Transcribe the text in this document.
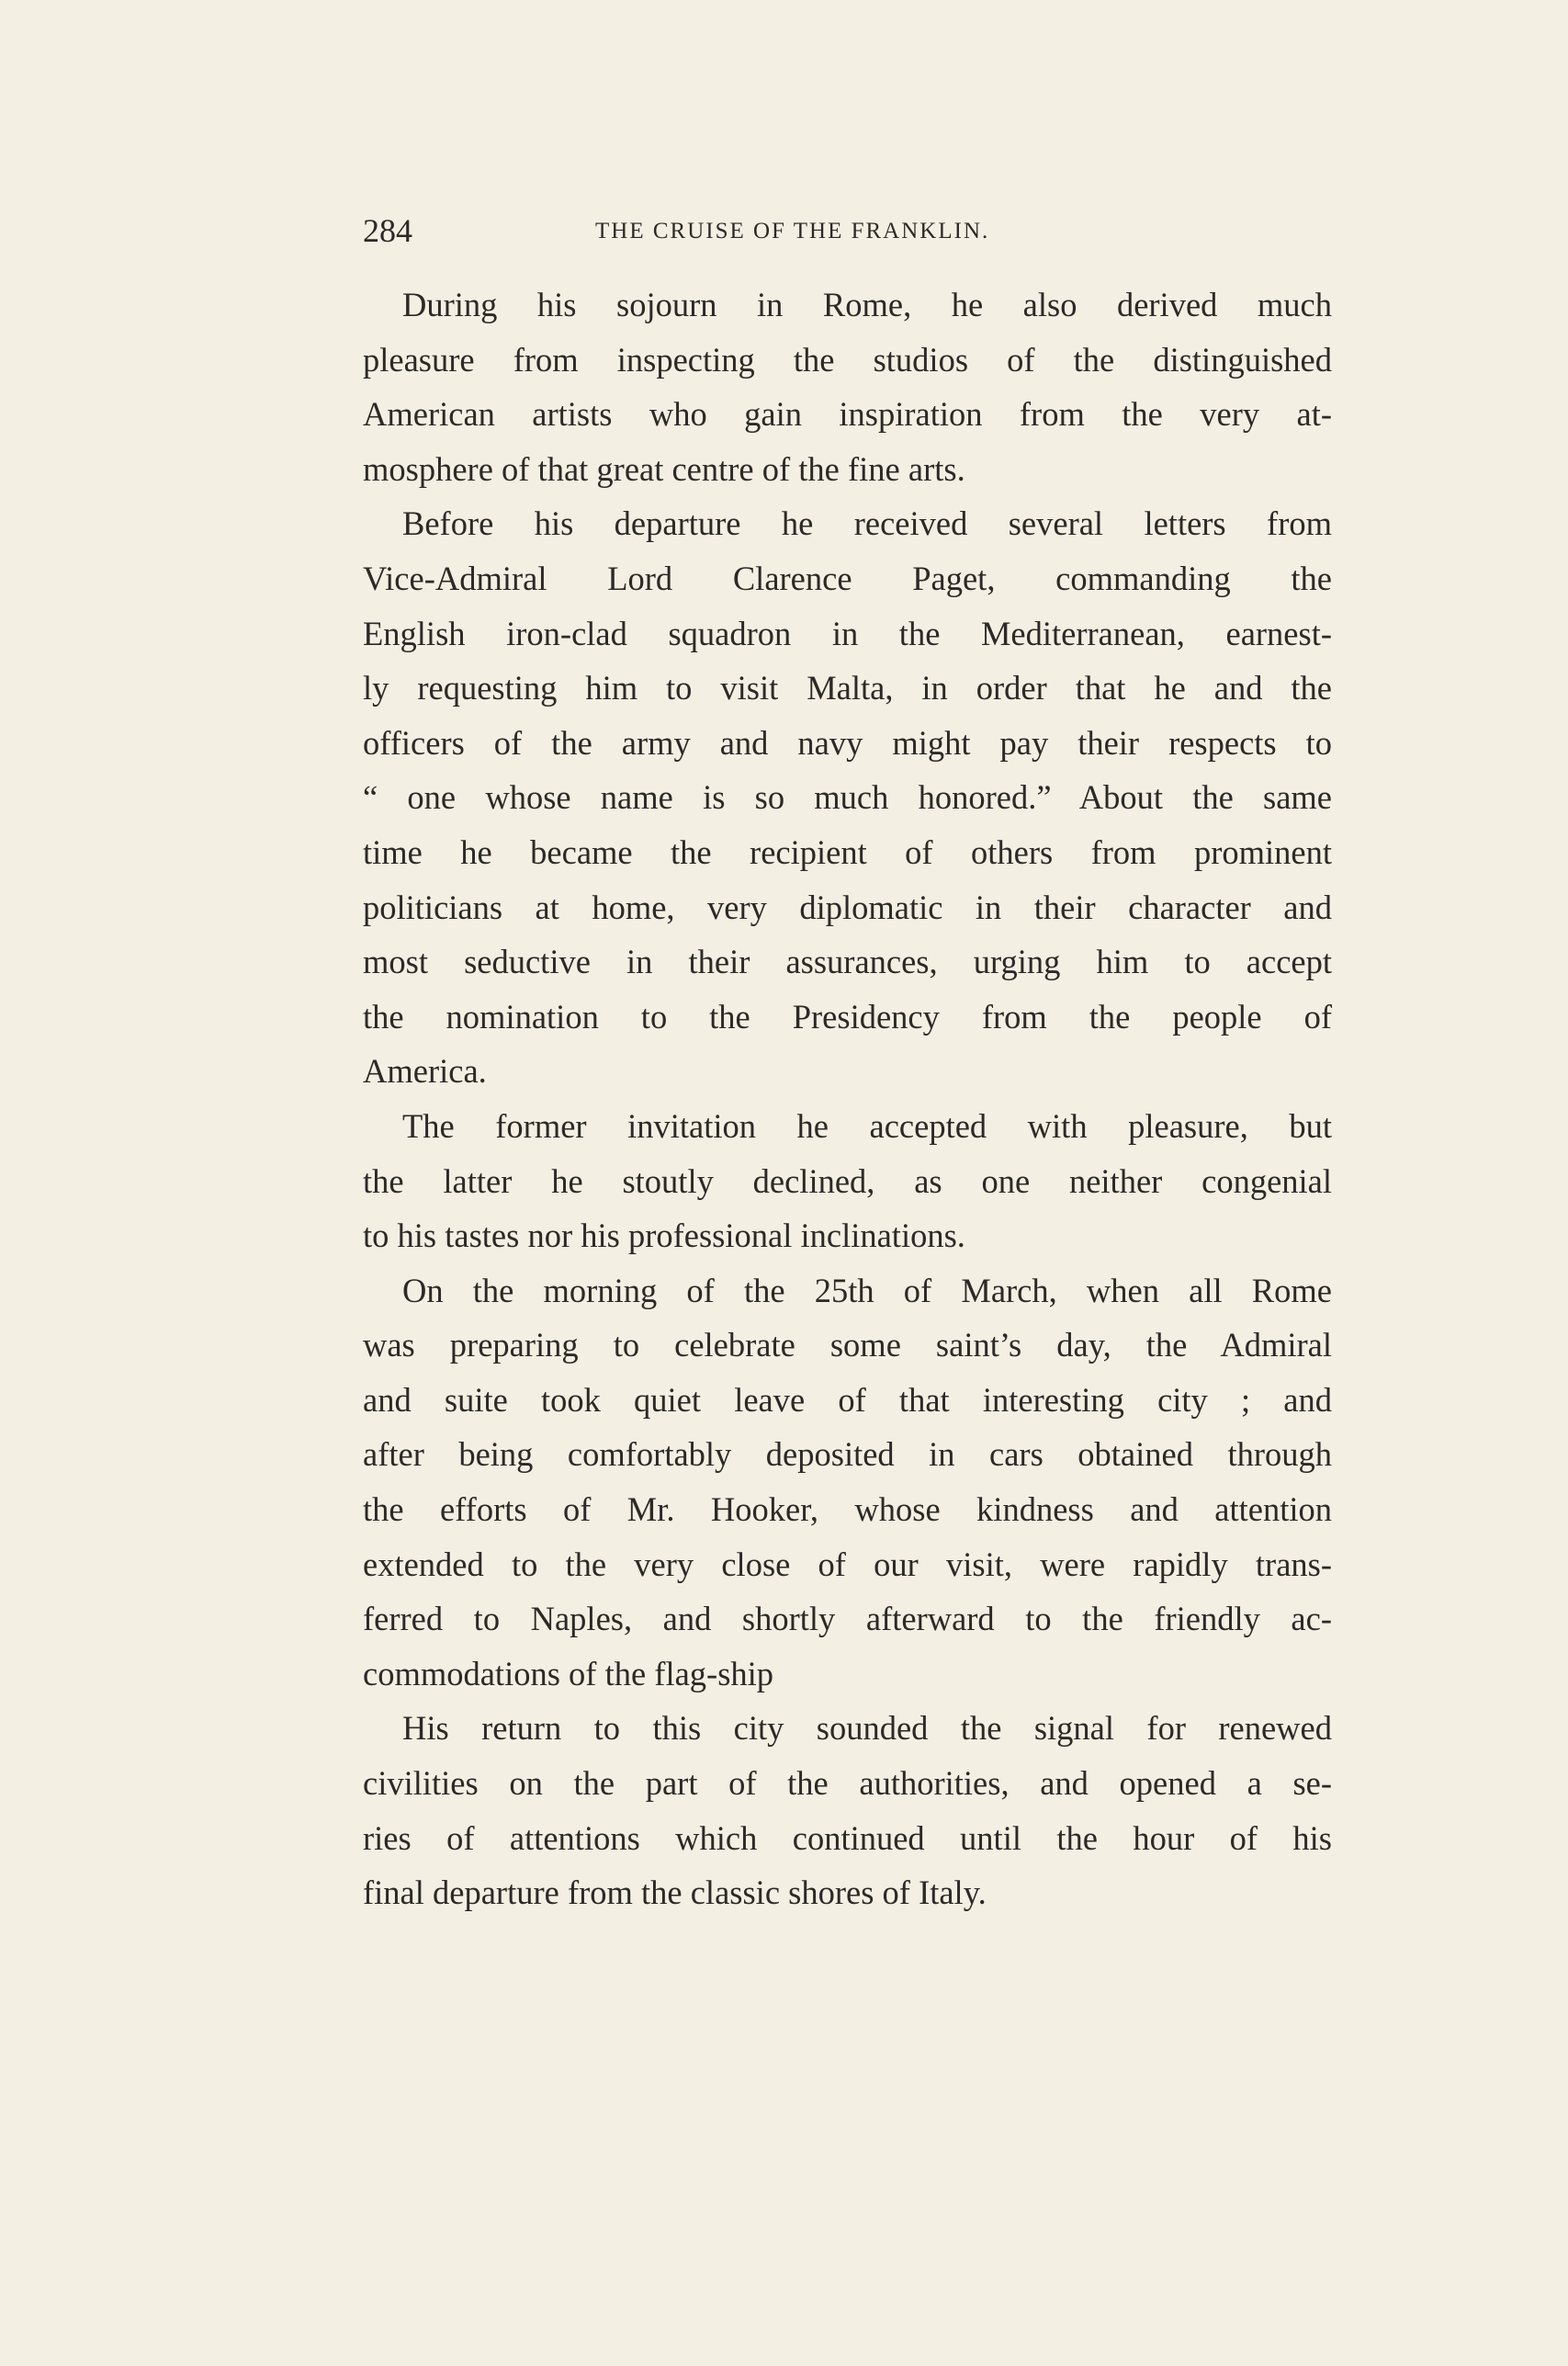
284	THE CRUISE OF THE FRANKLIN.
During his sojourn in Rome, he also derived much
pleasure from inspecting the studios of the distinguished
American artists who gain inspiration from the very at-
mosphere of that great centre of the fine arts.
Before his departure he received several letters from
Vice-Admiral Lord Clarence Paget, commanding the
English iron-clad squadron in the Mediterranean, earnest-
ly requesting him to visit Malta, in order that he and the
officers of the army and navy might pay their respects to
“ one whose name is so much honored.” About the same
time he became the recipient of others from prominent
politicians at home, very diplomatic in their character and
most seductive in their assurances, urging him to accept
the nomination to the Presidency from the people of
America.
The former invitation he accepted with pleasure, but
the latter he stoutly declined, as one neither congenial
to his tastes nor his professional inclinations.
On the morning of the 25th of March, when all Rome
was preparing to celebrate some saint’s day, the Admiral
and suite took quiet leave of that interesting city ; and
after being comfortably deposited in cars obtained through
the efforts of Mr. Hooker, whose kindness and attention
extended to the very close of our visit, were rapidly trans-
ferred to Naples, and shortly afterward to the friendly ac-
commodations of the flag-ship
His return to this city sounded the signal for renewed
civilities on the part of the authorities, and opened a se-
ries of attentions which continued until the hour of his
final departure from the classic shores of Italy.
